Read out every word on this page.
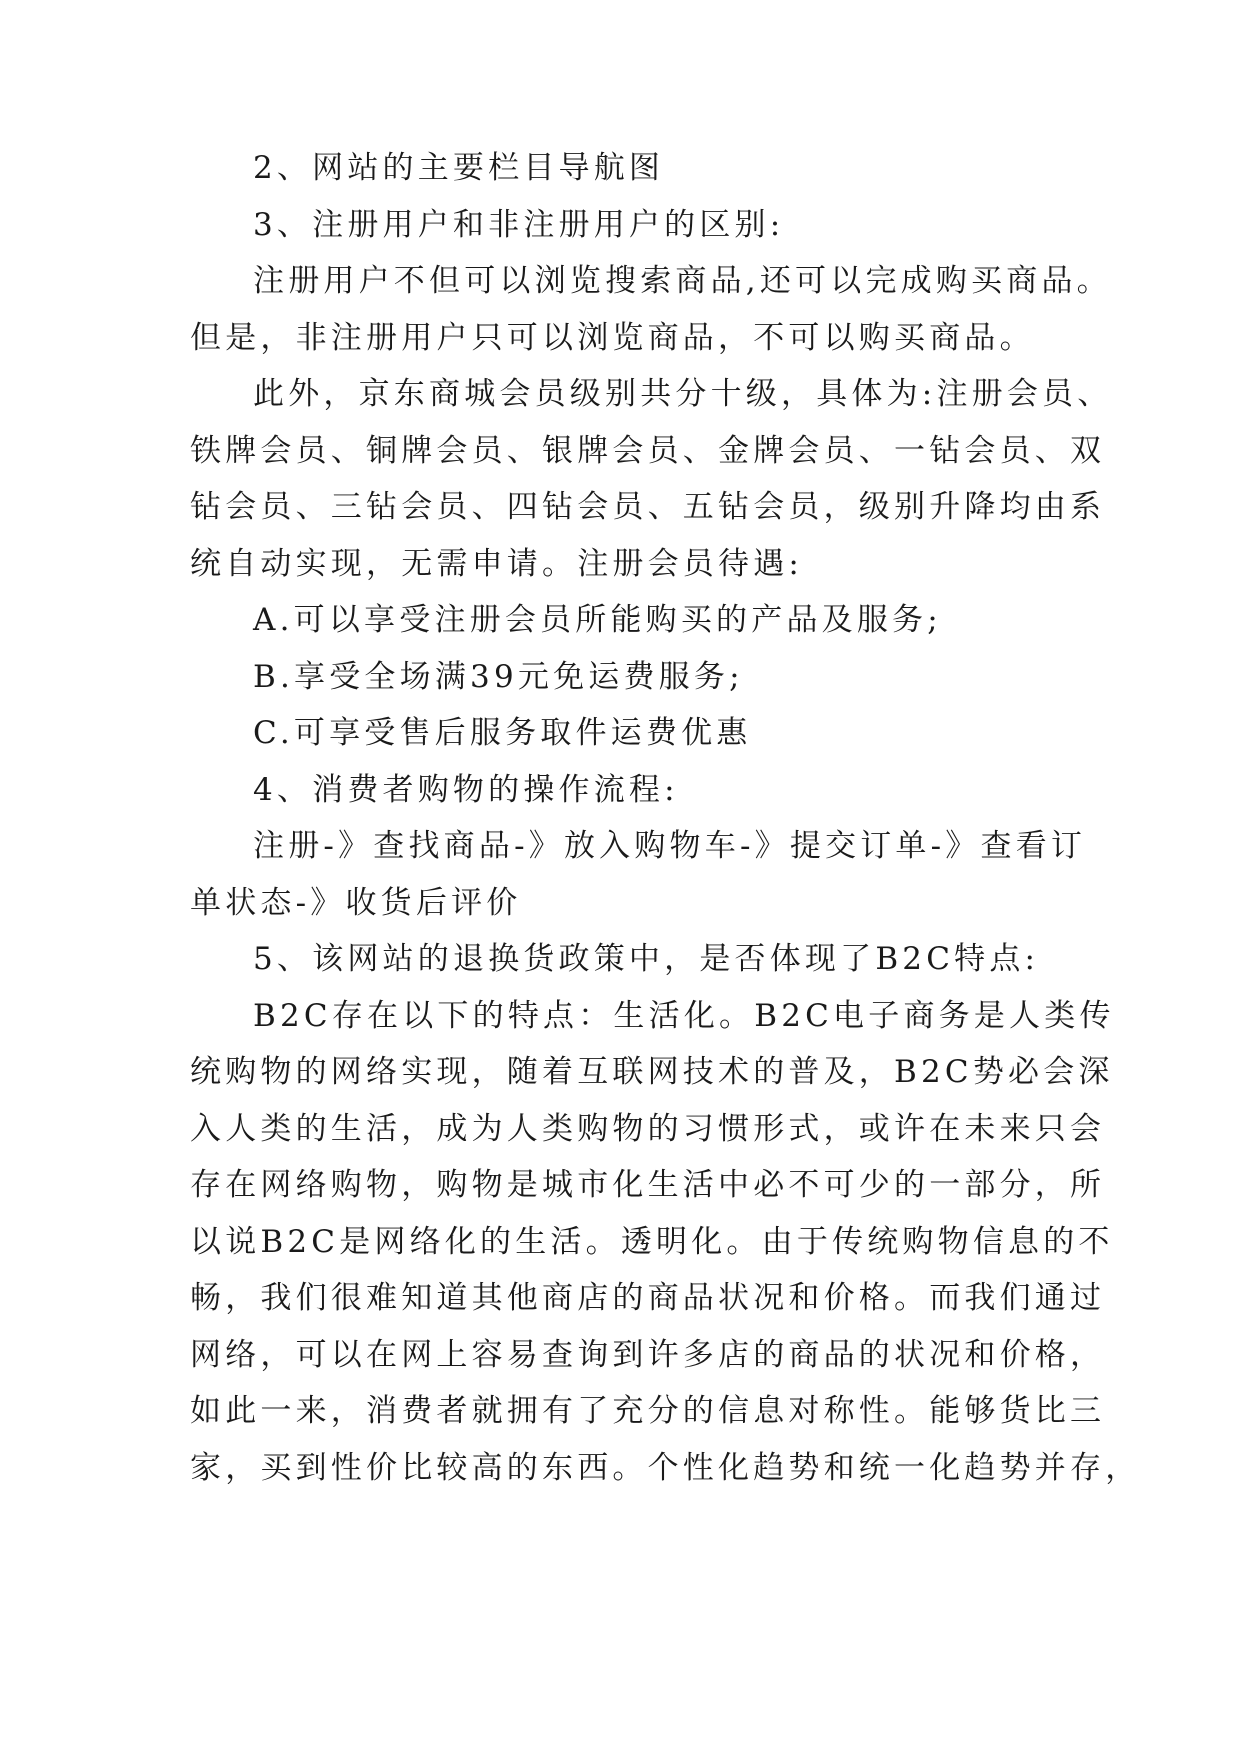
2、网站的主要栏目导航图
3、注册用户和非注册用户的区别:
注册用户不但可以浏览搜索商品,还可以完成购买商品。
但是，非注册用户只可以浏览商品，不可以购买商品。
此外，京东商城会员级别共分十级，具体为:注册会员、
铁牌会员、铜牌会员、银牌会员、金牌会员、一钻会员、双
钻会员、三钻会员、四钻会员、五钻会员，级别升降均由系
统自动实现，无需申请。注册会员待遇:
A.可以享受注册会员所能购买的产品及服务;
B.享受全场满39元免运费服务;
C.可享受售后服务取件运费优惠
4、消费者购物的操作流程:
注册-》查找商品-》放入购物车-》提交订单-》查看订
单状态-》收货后评价
5、该网站的退换货政策中，是否体现了B2C特点:
B2C存在以下的特点：生活化。B2C电子商务是人类传
统购物的网络实现，随着互联网技术的普及，B2C势必会深
入人类的生活，成为人类购物的习惯形式，或许在未来只会
存在网络购物，购物是城市化生活中必不可少的一部分，所
以说B2C是网络化的生活。透明化。由于传统购物信息的不
畅，我们很难知道其他商店的商品状况和价格。而我们通过
网络，可以在网上容易查询到许多店的商品的状况和价格，
如此一来，消费者就拥有了充分的信息对称性。能够货比三
家，买到性价比较高的东西。个性化趋势和统一化趋势并存，
